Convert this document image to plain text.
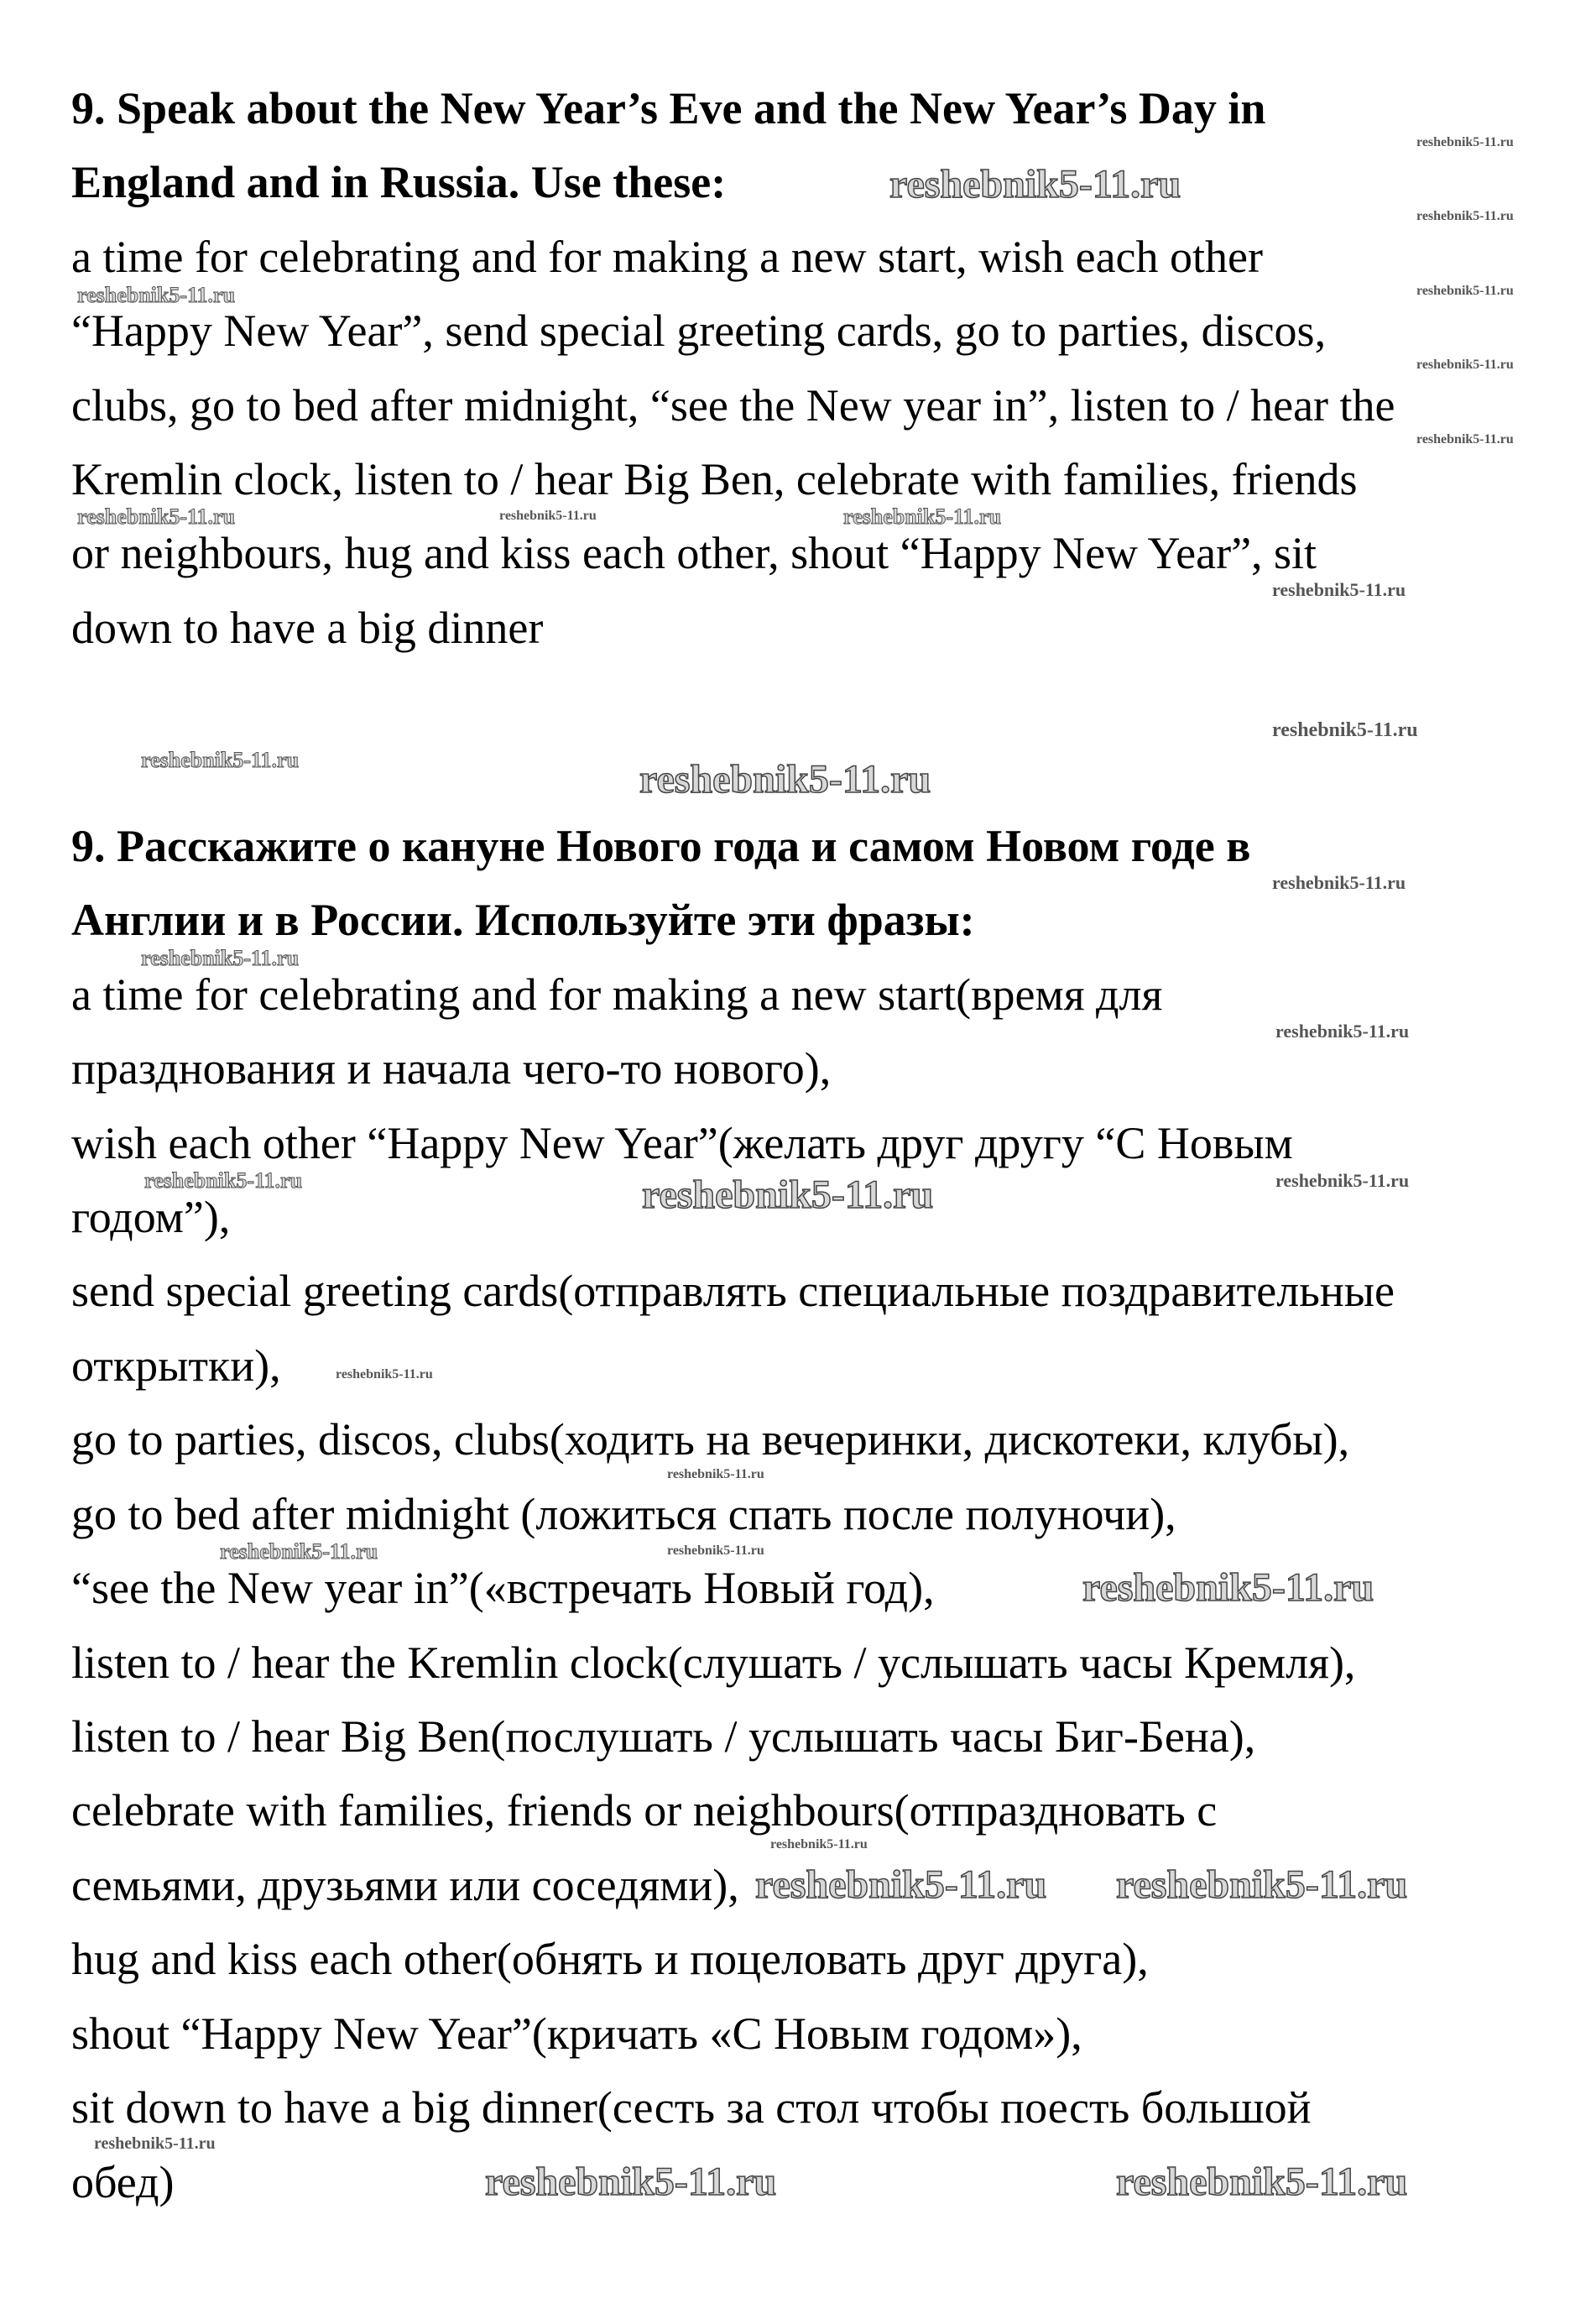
9. Speak about the New Year’s Eve and the New Year’s Day in
England and in Russia. Use these:
a time for celebrating and for making a new start, wish each other
“Happy New Year”, send special greeting cards, go to parties, discos,
clubs, go to bed after midnight, “see the New year in”, listen to / hear the
Kremlin clock, listen to / hear Big Ben, celebrate with families, friends
or neighbours, hug and kiss each other, shout “Happy New Year”, sit
down to have a big dinner
9. Расскажите о кануне Нового года и самом Новом годе в
Англии и в России. Используйте эти фразы:
a time for celebrating and for making a new start(время для
празднования и начала чего-то нового),
wish each other “Happy New Year”(желать друг другу “С Новым
годом”),
send special greeting cards(отправлять специальные поздравительные
открытки),
go to parties, discos, clubs(ходить на вечеринки, дискотеки, клубы),
go to bed after midnight (ложиться спать после полуночи),
“see the New year in”(«встречать Новый год),
listen to / hear the Kremlin clock(слушать / услышать часы Кремля),
listen to / hear Big Ben(послушать / услышать часы Биг-Бена),
celebrate with families, friends or neighbours(отпраздновать с
семьями, друзьями или соседями),
hug and kiss each other(обнять и поцеловать друг друга),
shout “Happy New Year”(кричать «С Новым годом»),
sit down to have a big dinner(сесть за стол чтобы поесть большой
обед)
reshebnik5-11.ru
reshebnik5-11.ru
reshebnik5-11.ru
reshebnik5-11.ru
reshebnik5-11.ru
reshebnik5-11.ru
reshebnik5-11.ru
reshebnik5-11.ru	reshebnik5-11.ru	reshebnik5-11.ru
reshebnik5-11.ru
reshebnik5-11.ru
reshebnik5-11.ru	reshebnik5-11.ru
reshebnik5-11.ru
reshebnik5-11.ru
reshebnik5-11.ru
reshebnik5-11.ru
reshebnik5-11.ru	reshebnik5-11.ru
reshebnik5-11.ru
reshebnik5-11.ru
reshebnik5-11.ru	reshebnik5-11.ru
reshebnik5-11.ru
reshebnik5-11.ru
reshebnik5-11.ru
reshebnik5-11.ru
reshebnik5-11.ru
reshebnik5-11.ru	reshebnik5-11.ru
